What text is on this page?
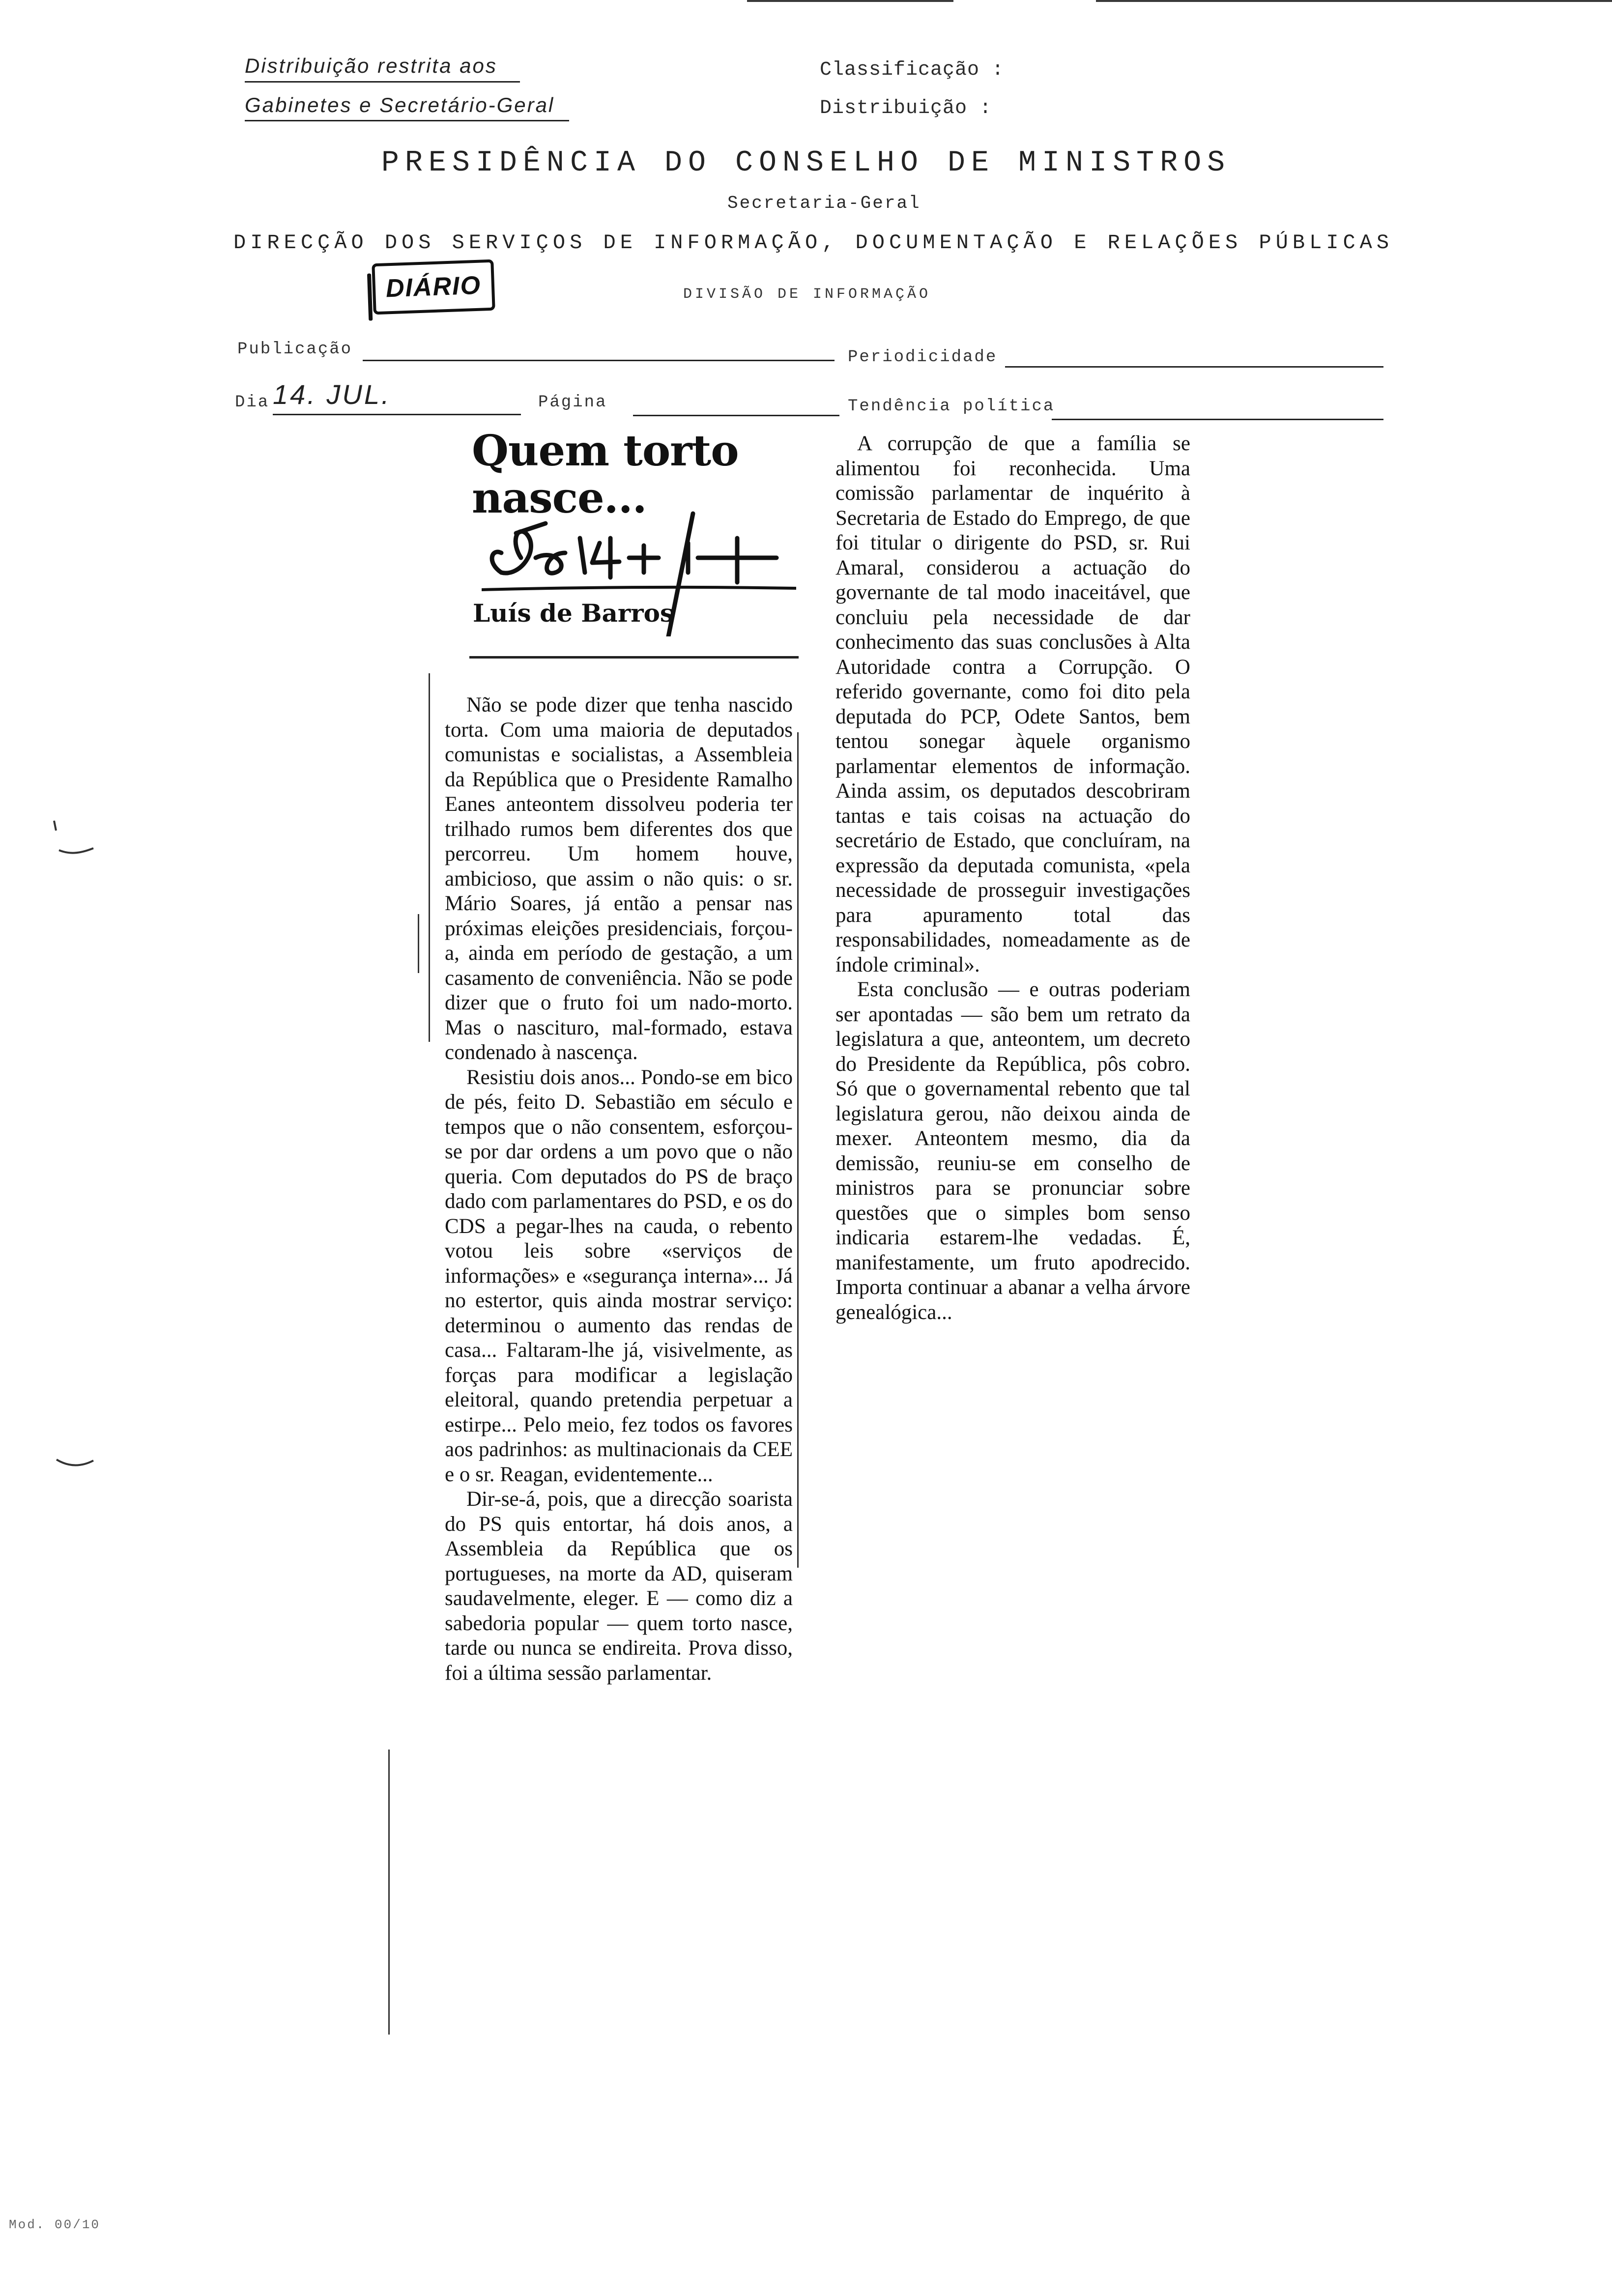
Distribuição restrita aos
Gabinetes e Secretário-Geral
Classificação :
Distribuição :
PRESIDÊNCIA DO CONSELHO DE MINISTROS
Secretaria-Geral
DIRECÇÃO DOS SERVIÇOS DE INFORMAÇÃO, DOCUMENTAÇÃO E RELAÇÕES PÚBLICAS
DIÁRIO	DIVISÃO DE INFORMAÇÃO
Publicação	Periodicidade
Dia 14. JUL.	Página	Tendência política
Quem torto
nasce...
Luís de Barros

Não se pode dizer que tenha nascido torta. Com uma maioria de deputados comunistas e socialistas, a Assembleia da República que o Presidente Ramalho Eanes anteontem dissolveu poderia ter trilhado rumos bem diferentes dos que percorreu. Um homem houve, ambicioso, que assim o não quis: o sr. Mário Soares, já então a pensar nas próximas eleições presidenciais, forçou-a, ainda em período de gestação, a um casamento de conveniência. Não se pode dizer que o fruto foi um nado-morto. Mas o nascituro, mal-formado, estava condenado à nascença.

Resistiu dois anos... Pondo-se em bico de pés, feito D. Sebastião em século e tempos que o não consentem, esforçou-se por dar ordens a um povo que o não queria. Com deputados do PS de braço dado com parlamentares do PSD, e os do CDS a pegar-lhes na cauda, o rebento votou leis sobre «serviços de informações» e «segurança interna»... Já no estertor, quis ainda mostrar serviço: determinou o aumento das rendas de casa... Faltaram-lhe já, visivelmente, as forças para modificar a legislação eleitoral, quando pretendia perpetuar a estirpe... Pelo meio, fez todos os favores aos padrinhos: as multinacionais da CEE e o sr. Reagan, evidentemente...

Dir-se-á, pois, que a direcção soarista do PS quis entortar, há dois anos, a Assembleia da República que os portugueses, na morte da AD, quiseram saudavelmente, eleger. E — como diz a sabedoria popular — quem torto nasce, tarde ou nunca se endireita. Prova disso, foi a última sessão parlamentar.

A corrupção de que a família se alimentou foi reconhecida. Uma comissão parlamentar de inquérito à Secretaria de Estado do Emprego, de que foi titular o dirigente do PSD, sr. Rui Amaral, considerou a actuação do governante de tal modo inaceitável, que concluiu pela necessidade de dar conhecimento das suas conclusões à Alta Autoridade contra a Corrupção. O referido governante, como foi dito pela deputada do PCP, Odete Santos, bem tentou sonegar àquele organismo parlamentar elementos de informação. Ainda assim, os deputados descobriram tantas e tais coisas na actuação do secretário de Estado, que concluíram, na expressão da deputada comunista, «pela necessidade de prosseguir investigações para apuramento total das responsabilidades, nomeadamente as de índole criminal».

Esta conclusão — e outras poderiam ser apontadas — são bem um retrato da legislatura a que, anteontem, um decreto do Presidente da República, pôs cobro. Só que o governamental rebento que tal legislatura gerou, não deixou ainda de mexer. Anteontem mesmo, dia da demissão, reuniu-se em conselho de ministros para se pronunciar sobre questões que o simples bom senso indicaria estarem-lhe vedadas. É, manifestamente, um fruto apodrecido. Importa continuar a abanar a velha árvore genealógica...

Mod. 00/10
